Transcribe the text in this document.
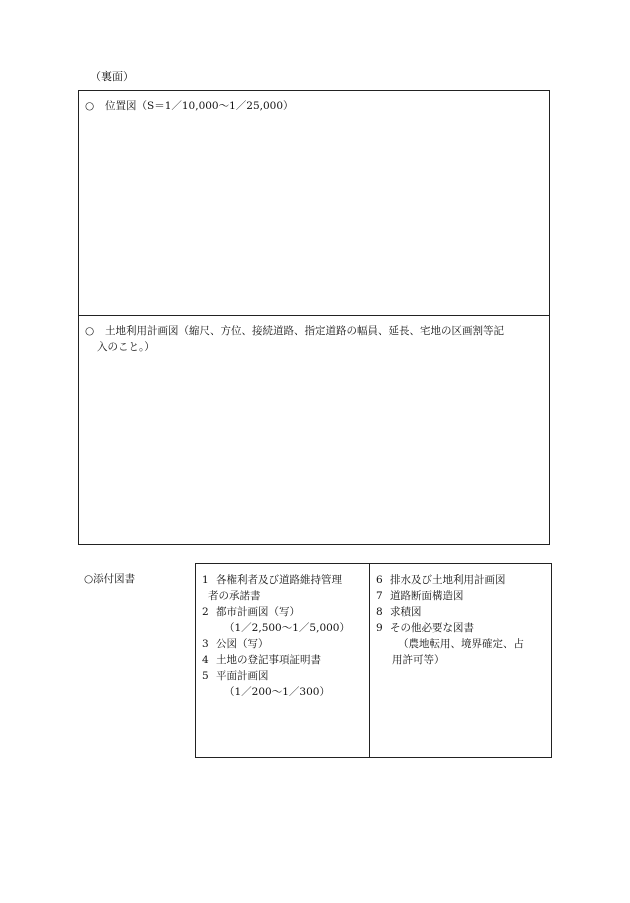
（裏面）
○ 位置図（S＝1／10,000〜1／25,000）
○ 土地利用計画図（縮尺、方位、接続道路、指定道路の幅員、延長、宅地の区画割等記
入のこと。）
○添付図書	1 各権利者及び道路維持管理
者の承諾書
2 都市計画図（写）
（1／2,500〜1／5,000）
3 公図（写）
4 土地の登記事項証明書
5 平面計画図
（1／200〜1／300）
6 排水及び土地利用計画図
7 道路断面構造図
8 求積図
9 その他必要な図書
（農地転用、境界確定、占
用許可等）
